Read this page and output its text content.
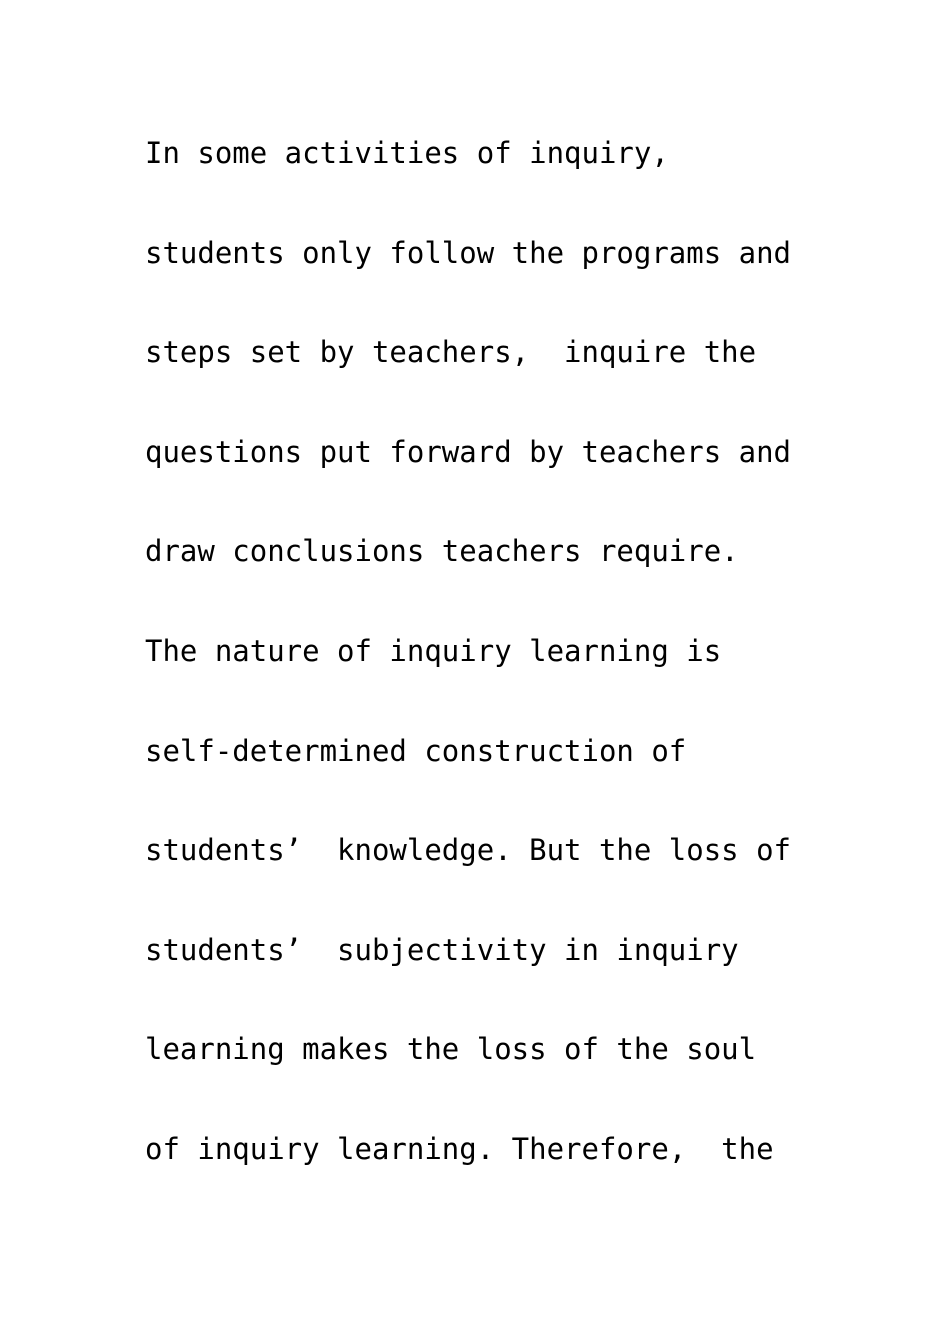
In some activities of inquiry,
students only follow the programs and
steps set by teachers,  inquire the
questions put forward by teachers and
draw conclusions teachers require.
The nature of inquiry learning is
self-determined construction of
students’  knowledge. But the loss of
students’  subjectivity in inquiry
learning makes the loss of the soul
of inquiry learning. Therefore,  the
